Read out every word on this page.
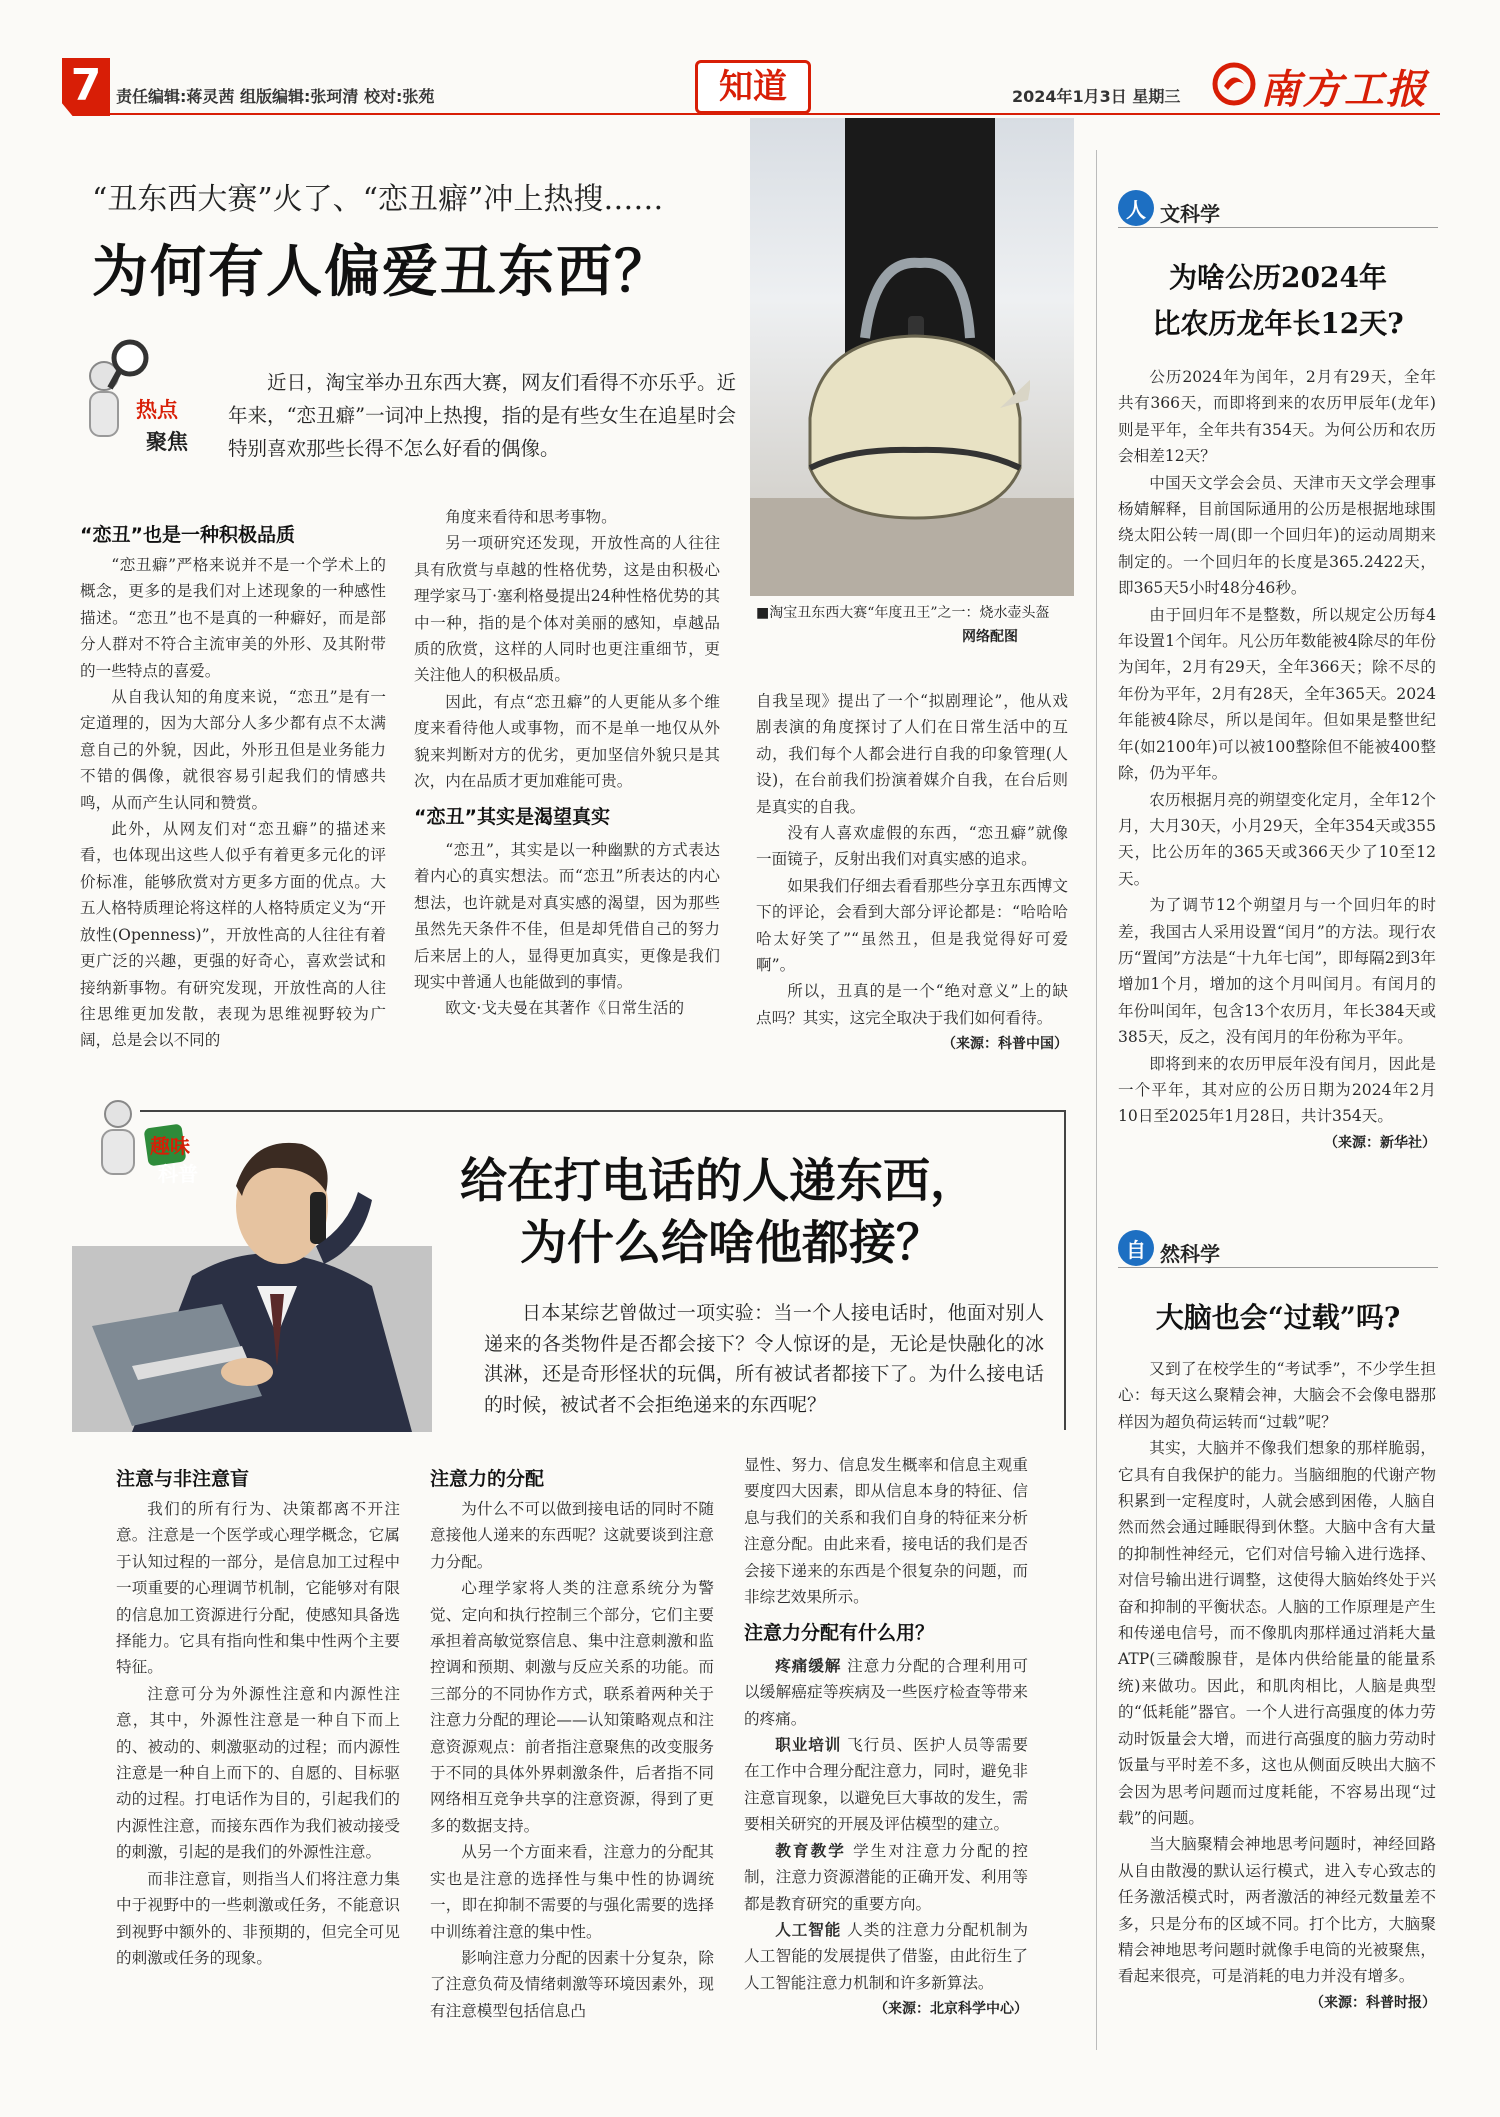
7 责任编辑:蒋灵茜 组版编辑:张珂清 校对:张苑	知道	2024年1月3日 星期三 南方工报
“丑东西大赛”火了、“恋丑癖”冲上热搜……
为何有人偏爱丑东西？
■淘宝丑东西大赛“年度丑王”之一：烧水壶头盔
网络配图
热点
聚焦
近日，淘宝举办丑东西大赛，网友们看得不亦乐乎。近年来，“恋丑癖”一词冲上热搜，指的是有些女生在追星时会特别喜欢那些长得不怎么好看的偶像。
“恋丑”也是一种积极品质

“恋丑癖”严格来说并不是一个学术上的概念，更多的是我们对上述现象的一种感性描述。“恋丑”也不是真的一种癖好，而是部分人群对不符合主流审美的外形、及其附带的一些特点的喜爱。

从自我认知的角度来说，“恋丑”是有一定道理的，因为大部分人多少都有点不太满意自己的外貌，因此，外形丑但是业务能力不错的偶像，就很容易引起我们的情感共鸣，从而产生认同和赞赏。

此外，从网友们对“恋丑癖”的描述来看，也体现出这些人似乎有着更多元化的评价标准，能够欣赏对方更多方面的优点。大五人格特质理论将这样的人格特质定义为“开放性(Openness)”，开放性高的人往往有着更广泛的兴趣，更强的好奇心，喜欢尝试和接纳新事物。有研究发现，开放性高的人往往思维更加发散，表现为思维视野较为广阔，总是会以不同的

角度来看待和思考事物。

另一项研究还发现，开放性高的人往往具有欣赏与卓越的性格优势，这是由积极心理学家马丁·塞利格曼提出24种性格优势的其中一种，指的是个体对美丽的感知，卓越品质的欣赏，这样的人同时也更注重细节，更关注他人的积极品质。

因此，有点“恋丑癖”的人更能从多个维度来看待他人或事物，而不是单一地仅从外貌来判断对方的优劣，更加坚信外貌只是其次，内在品质才更加难能可贵。

“恋丑”其实是渴望真实

“恋丑”，其实是以一种幽默的方式表达着内心的真实想法。而“恋丑”所表达的内心想法，也许就是对真实感的渴望，因为那些虽然先天条件不佳，但是却凭借自己的努力后来居上的人，显得更加真实，更像是我们现实中普通人也能做到的事情。

欧文·戈夫曼在其著作《日常生活的

自我呈现》提出了一个“拟剧理论”，他从戏剧表演的角度探讨了人们在日常生活中的互动，我们每个人都会进行自我的印象管理(人设)，在台前我们扮演着媒介自我，在台后则是真实的自我。

没有人喜欢虚假的东西，“恋丑癖”就像一面镜子，反射出我们对真实感的追求。

如果我们仔细去看看那些分享丑东西博文下的评论，会看到大部分评论都是：“哈哈哈哈太好笑了”“虽然丑，但是我觉得好可爱啊”。

所以，丑真的是一个“绝对意义”上的缺点吗？其实，这完全取决于我们如何看待。

（来源：科普中国）
趣味
科普	给在打电话的人递东西，
为什么给啥他都接？
日本某综艺曾做过一项实验：当一个人接电话时，他面对别人递来的各类物件是否都会接下？令人惊讶的是，无论是快融化的冰淇淋，还是奇形怪状的玩偶，所有被试者都接下了。为什么接电话的时候，被试者不会拒绝递来的东西呢？
注意与非注意盲

我们的所有行为、决策都离不开注意。注意是一个医学或心理学概念，它属于认知过程的一部分，是信息加工过程中一项重要的心理调节机制，它能够对有限的信息加工资源进行分配，使感知具备选择能力。它具有指向性和集中性两个主要特征。

注意可分为外源性注意和内源性注意，其中，外源性注意是一种自下而上的、被动的、刺激驱动的过程；而内源性注意是一种自上而下的、自愿的、目标驱动的过程。打电话作为目的，引起我们的内源性注意，而接东西作为我们被动接受的刺激，引起的是我们的外源性注意。

而非注意盲，则指当人们将注意力集中于视野中的一些刺激或任务，不能意识到视野中额外的、非预期的，但完全可见的刺激或任务的现象。

注意力的分配

为什么不可以做到接电话的同时不随意接他人递来的东西呢？这就要谈到注意力分配。

心理学家将人类的注意系统分为警觉、定向和执行控制三个部分，它们主要承担着高敏觉察信息、集中注意刺激和监控调和预期、刺激与反应关系的功能。而三部分的不同协作方式，联系着两种关于注意力分配的理论——认知策略观点和注意资源观点：前者指注意聚焦的改变服务于不同的具体外界刺激条件，后者指不同网络相互竞争共享的注意资源，得到了更多的数据支持。

从另一个方面来看，注意力的分配其实也是注意的选择性与集中性的协调统一，即在抑制不需要的与强化需要的选择中训练着注意的集中性。

影响注意力分配的因素十分复杂，除了注意负荷及情绪刺激等环境因素外，现有注意模型包括信息凸

显性、努力、信息发生概率和信息主观重要度四大因素，即从信息本身的特征、信息与我们的关系和我们自身的特征来分析注意分配。由此来看，接电话的我们是否会接下递来的东西是个很复杂的问题，而非综艺效果所示。

注意力分配有什么用？

疼痛缓解 注意力分配的合理利用可以缓解癌症等疾病及一些医疗检查等带来的疼痛。

职业培训 飞行员、医护人员等需要在工作中合理分配注意力，同时，避免非注意盲现象，以避免巨大事故的发生，需要相关研究的开展及评估模型的建立。

教育教学 学生对注意力分配的控制，注意力资源潜能的正确开发、利用等都是教育研究的重要方向。

人工智能 人类的注意力分配机制为人工智能的发展提供了借鉴，由此衍生了人工智能注意力机制和许多新算法。

（来源：北京科学中心）
人 文科学
为啥公历2024年
比农历龙年长12天?

公历2024年为闰年，2月有29天，全年共有366天，而即将到来的农历甲辰年(龙年)则是平年，全年共有354天。为何公历和农历会相差12天？

中国天文学会会员、天津市天文学会理事杨婧解释，目前国际通用的公历是根据地球围绕太阳公转一周(即一个回归年)的运动周期来制定的。一个回归年的长度是365.2422天，即365天5小时48分46秒。

由于回归年不是整数，所以规定公历每4年设置1个闰年。凡公历年数能被4除尽的年份为闰年，2月有29天，全年366天；除不尽的年份为平年，2月有28天，全年365天。2024年能被4除尽，所以是闰年。但如果是整世纪年(如2100年)可以被100整除但不能被400整除，仍为平年。

农历根据月亮的朔望变化定月，全年12个月，大月30天，小月29天，全年354天或355天，比公历年的365天或366天少了10至12天。

为了调节12个朔望月与一个回归年的时差，我国古人采用设置“闰月”的方法。现行农历“置闰”方法是“十九年七闰”，即每隔2到3年增加1个月，增加的这个月叫闰月。有闰月的年份叫闰年，包含13个农历月，年长384天或385天，反之，没有闰月的年份称为平年。

即将到来的农历甲辰年没有闰月，因此是一个平年，其对应的公历日期为2024年2月10日至2025年1月28日，共计354天。

（来源：新华社）
自 然科学
大脑也会“过载”吗?

又到了在校学生的“考试季”，不少学生担心：每天这么聚精会神，大脑会不会像电器那样因为超负荷运转而“过载”呢？

其实，大脑并不像我们想象的那样脆弱，它具有自我保护的能力。当脑细胞的代谢产物积累到一定程度时，人就会感到困倦，人脑自然而然会通过睡眠得到休整。大脑中含有大量的抑制性神经元，它们对信号输入进行选择、对信号输出进行调整，这使得大脑始终处于兴奋和抑制的平衡状态。人脑的工作原理是产生和传递电信号，而不像肌肉那样通过消耗大量ATP(三磷酸腺苷，是体内供给能量的能量系统)来做功。因此，和肌肉相比，人脑是典型的“低耗能”器官。一个人进行高强度的体力劳动时饭量会大增，而进行高强度的脑力劳动时饭量与平时差不多，这也从侧面反映出大脑不会因为思考问题而过度耗能，不容易出现“过载”的问题。

当大脑聚精会神地思考问题时，神经回路从自由散漫的默认运行模式，进入专心致志的任务激活模式时，两者激活的神经元数量差不多，只是分布的区域不同。打个比方，大脑聚精会神地思考问题时就像手电筒的光被聚焦，看起来很亮，可是消耗的电力并没有增多。

（来源：科普时报）
